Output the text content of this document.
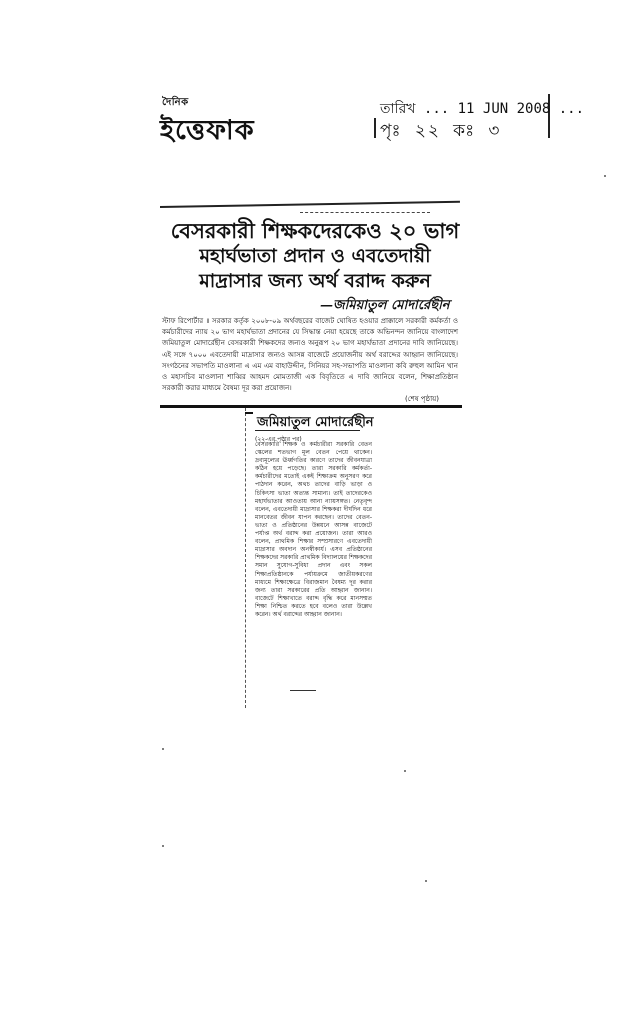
দৈনিক
ইত্তেফাক
তারিখ ... 11 JUN 2008 ...
পৃঃ ২২ কঃ ৩
বেসরকারী শিক্ষকদেরকেও ২০ ভাগ
মহার্ঘভাতা প্রদান ও এবতেদায়ী
মাদ্রাসার জন্য অর্থ বরাদ্দ করুন
—জমিয়াতুল মোদার্রেছীন
স্টাফ রিপোর্টার ॥ সরকার কর্তৃক ২০০৮-০৯ অর্থবছরের বাজেট ঘোষিত হওয়ার প্রাক্কালে সরকারী কর্মকর্তা ও কর্মচারীদের ন্যায় ২০ ভাগ মহার্ঘভাতা প্রদানের যে সিদ্ধান্ত নেয়া হয়েছে তাকে অভিনন্দন জানিয়ে বাংলাদেশ জমিয়াতুল মোদার্রেছীন বেসরকারী শিক্ষকদের জন্যও অনুরূপ ২০ ভাগ মহার্ঘভাতা প্রদানের দাবি জানিয়েছে। এই সঙ্গে ৭০০০ এবতেদায়ী মাদ্রাসার জন্যও আসন্ন বাজেটে প্রয়োজনীয় অর্থ বরাদ্দের আহ্বান জানিয়েছে। সংগঠনের সভাপতি মাওলানা এ এম এম বাহাউদ্দীন, সিনিয়র সহ-সভাপতি মাওলানা কবি রুহুল আমিন খান ও মহাসচিব মাওলানা শাব্বির আহমদ মোমতাজী এক বিবৃতিতে এ দাবি জানিয়ে বলেন, শিক্ষাপ্রতিষ্ঠান সরকারী করার মাধ্যমে বৈষম্য দূর করা প্রয়োজন।
(শেষ পৃষ্ঠায়)
জমিয়াতুল মোদার্রেছীন
(২২-এর পৃষ্ঠার পর)
বেসরকারি শিক্ষক ও কর্মচারীরা সরকারি বেতন স্কেলের শতভাগ মূল বেতন পেয়ে থাকেন। দ্রব্যমূল্যের ঊর্ধ্বগতির কারণে তাদের জীবনযাত্রা কঠিন হয়ে পড়েছে। তারা সরকারি কর্মকর্তা-কর্মচারীদের মতোই একই শিক্ষাক্রম অনুসরণ করে পাঠদান করেন, অথচ তাদের বাড়ি ভাড়া ও চিকিৎসা ভাতা অত্যন্ত সামান্য। তাই তাদেরকেও মহার্ঘভাতার আওতায় আনা ন্যায়সঙ্গত। নেতৃবৃন্দ বলেন, এবতেদায়ী মাদ্রাসার শিক্ষকরা দীর্ঘদিন ধরে মানবেতর জীবন যাপন করছেন। তাদের বেতন-ভাতা ও প্রতিষ্ঠানের উন্নয়নে আসন্ন বাজেটে পর্যাপ্ত অর্থ বরাদ্দ করা প্রয়োজন। তারা আরও বলেন, প্রাথমিক শিক্ষার সম্প্রসারণে এবতেদায়ী মাদ্রাসার অবদান অনস্বীকার্য। এসব প্রতিষ্ঠানের শিক্ষকদের সরকারি প্রাথমিক বিদ্যালয়ের শিক্ষকদের সমান সুযোগ-সুবিধা প্রদান এবং সকল শিক্ষাপ্রতিষ্ঠানকে পর্যায়ক্রমে জাতীয়করণের মাধ্যমে শিক্ষাক্ষেত্রে বিরাজমান বৈষম্য দূর করার জন্য তারা সরকারের প্রতি আহ্বান জানান। বাজেটে শিক্ষাখাতে বরাদ্দ বৃদ্ধি করে মানসম্মত শিক্ষা নিশ্চিত করতে হবে বলেও তারা উল্লেখ করেন। অর্থ বরাদ্দের আহ্বান জানান।
